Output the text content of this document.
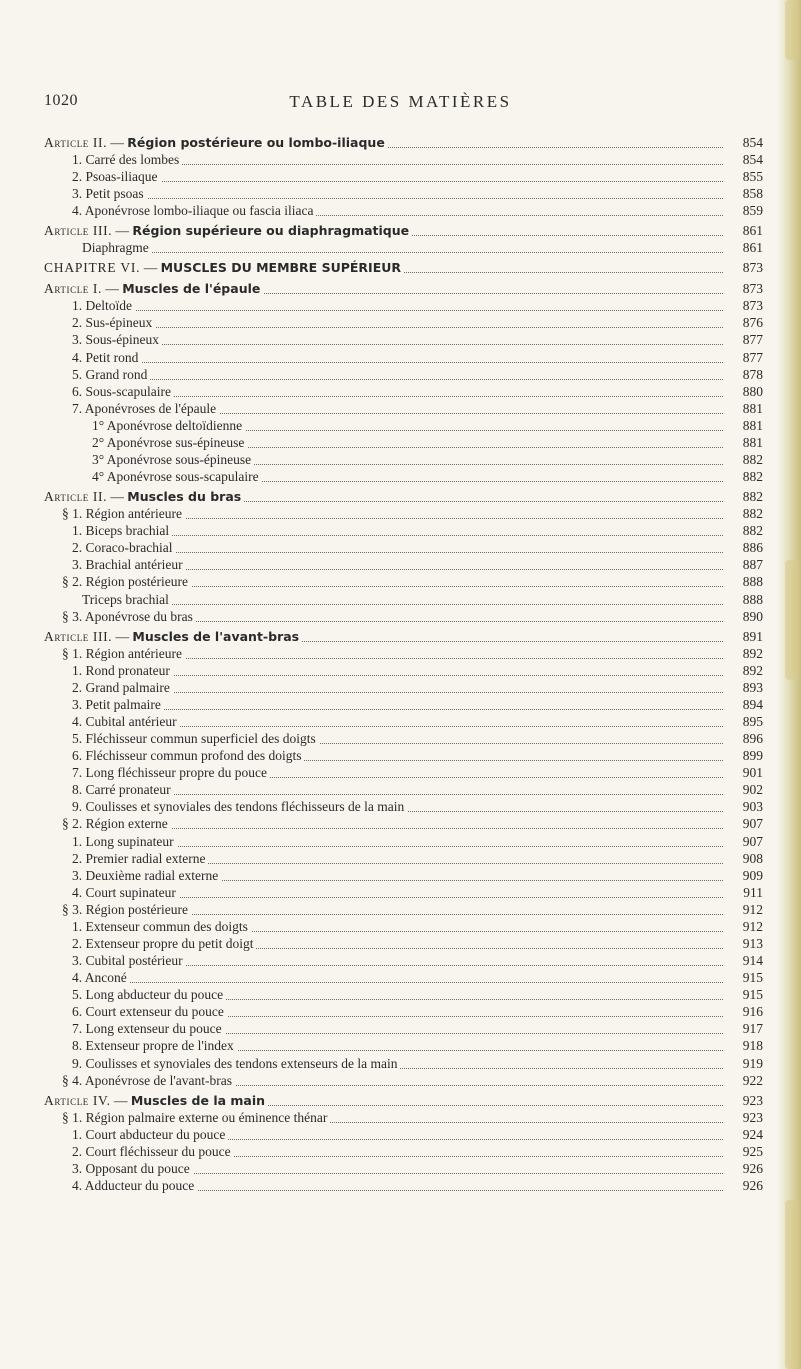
1020	TABLE DES MATIÈRES
Article II. — Région postérieure ou lombo-iliaque	854
1. Carré des lombes	854
2. Psoas-iliaque	855
3. Petit psoas	858
4. Aponévrose lombo-iliaque ou fascia iliaca	859
Article III. — Région supérieure ou diaphragmatique	861
Diaphragme	861
CHAPITRE VI. — MUSCLES DU MEMBRE SUPÉRIEUR	873
Article I. — Muscles de l'épaule	873
1. Deltoïde	873
2. Sus-épineux	876
3. Sous-épineux	877
4. Petit rond	877
5. Grand rond	878
6. Sous-scapulaire	880
7. Aponévroses de l'épaule	881
1° Aponévrose deltoïdienne	881
2° Aponévrose sus-épineuse	881
3° Aponévrose sous-épineuse	882
4° Aponévrose sous-scapulaire	882
Article II. — Muscles du bras	882
§ 1. Région antérieure	882
1. Biceps brachial	882
2. Coraco-brachial	886
3. Brachial antérieur	887
§ 2. Région postérieure	888
Triceps brachial	888
§ 3. Aponévrose du bras	890
Article III. — Muscles de l'avant-bras	891
§ 1. Région antérieure	892
1. Rond pronateur	892
2. Grand palmaire	893
3. Petit palmaire	894
4. Cubital antérieur	895
5. Fléchisseur commun superficiel des doigts	896
6. Fléchisseur commun profond des doigts	899
7. Long fléchisseur propre du pouce	901
8. Carré pronateur	902
9. Coulisses et synoviales des tendons fléchisseurs de la main	903
§ 2. Région externe	907
1. Long supinateur	907
2. Premier radial externe	908
3. Deuxième radial externe	909
4. Court supinateur	911
§ 3. Région postérieure	912
1. Extenseur commun des doigts	912
2. Extenseur propre du petit doigt	913
3. Cubital postérieur	914
4. Anconé	915
5. Long abducteur du pouce	915
6. Court extenseur du pouce	916
7. Long extenseur du pouce	917
8. Extenseur propre de l'index	918
9. Coulisses et synoviales des tendons extenseurs de la main	919
§ 4. Aponévrose de l'avant-bras	922
Article IV. — Muscles de la main	923
§ 1. Région palmaire externe ou éminence thénar	923
1. Court abducteur du pouce	924
2. Court fléchisseur du pouce	925
3. Opposant du pouce	926
4. Adducteur du pouce	926
